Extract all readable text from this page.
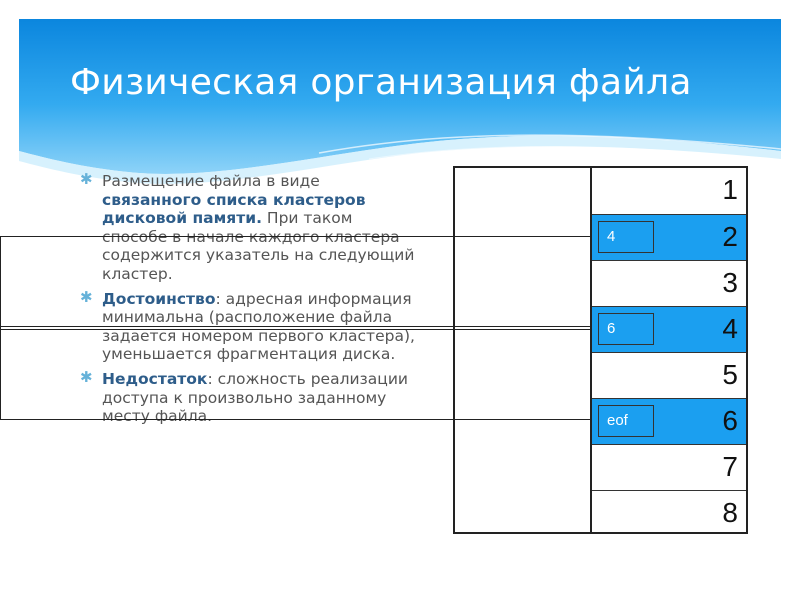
Физическая организация файла
✱ Размещение файла в виде связанного списка кластеров дисковой памяти. При таком способе в начале каждого кластера содержится указатель на следующий кластер.
✱ Достоинство: адресная информация минимальна (расположение файла задается номером первого кластера), уменьшается фрагментация диска.
✱ Недостаток: сложность реализации доступа к произвольно заданному месту файла.
1
4	2
3
6	4
5
eof	6
7
8
